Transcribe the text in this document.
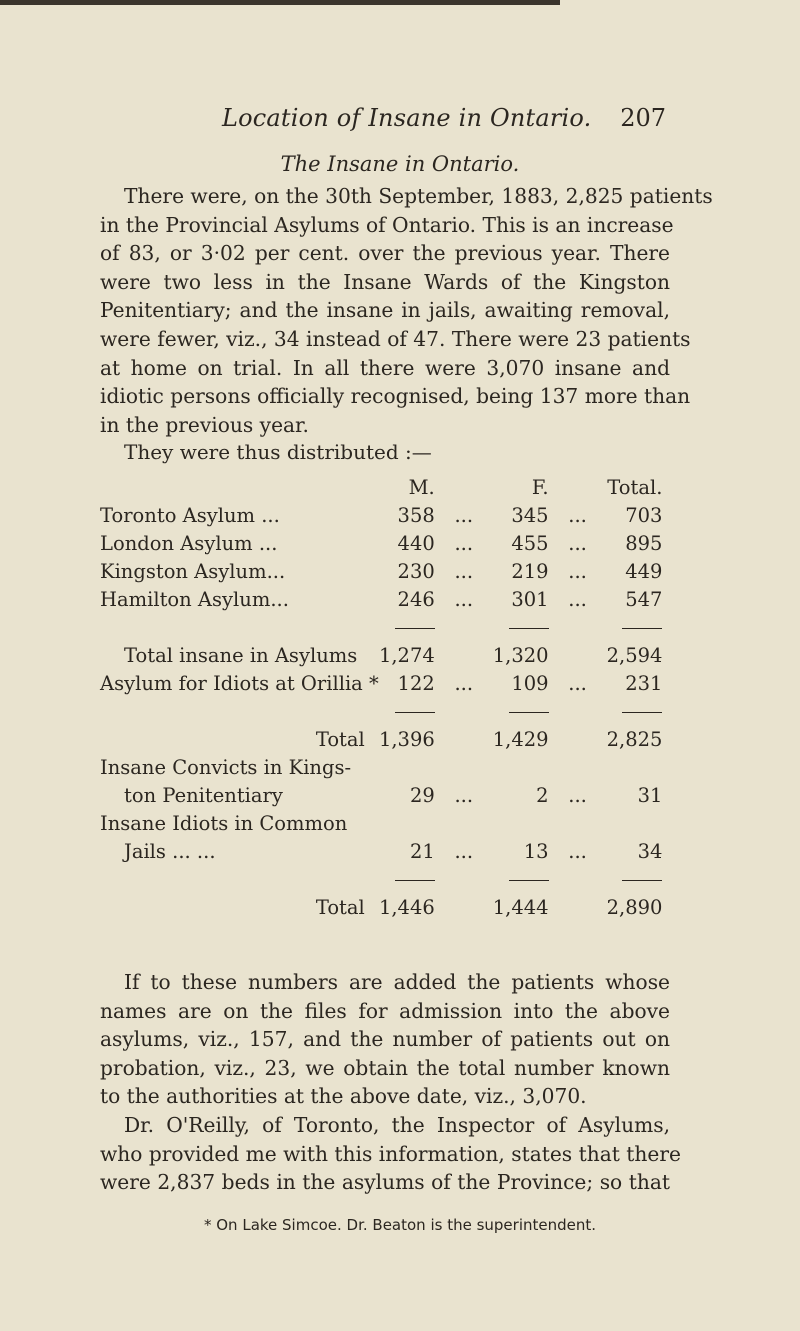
Location of Insane in Ontario. 207
The Insane in Ontario.
There were, on the 30th September, 1883, 2,825 patients
in the Provincial Asylums of Ontario. This is an increase
of 83, or 3·02 per cent. over the previous year. There
were two less in the Insane Wards of the Kingston
Penitentiary; and the insane in jails, awaiting removal,
were fewer, viz., 34 instead of 47. There were 23 patients
at home on trial. In all there were 3,070 insane and
idiotic persons officially recognised, being 137 more than
in the previous year.
They were thus distributed :—
	M.		F.		Total.
Toronto Asylum ...	358	...	345	...	703
London Asylum ...	440	...	455	...	895
Kingston Asylum...	230	...	219	...	449
Hamilton Asylum...	246	...	301	...	547

Total insane in Asylums	1,274		1,320		2,594
Asylum for Idiots at Orillia *	122	...	109	...	231

Total	1,396		1,429		2,825
Insane Convicts in Kings-					
ton Penitentiary	29	...	2	...	31
Insane Idiots in Common					
Jails ... ...	21	...	13	...	34

Total	1,446		1,444		2,890
If to these numbers are added the patients whose
names are on the files for admission into the above
asylums, viz., 157, and the number of patients out on
probation, viz., 23, we obtain the total number known
to the authorities at the above date, viz., 3,070.
Dr. O'Reilly, of Toronto, the Inspector of Asylums,
who provided me with this information, states that there
were 2,837 beds in the asylums of the Province; so that
* On Lake Simcoe. Dr. Beaton is the superintendent.
